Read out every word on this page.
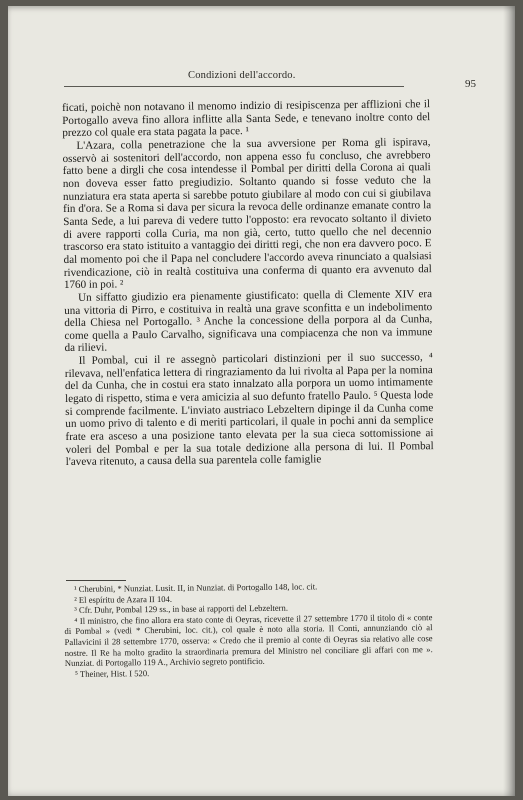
Condizioni dell'accordo.
95

ficati, poichè non notavano il menomo indizio di resipiscenza per afflizioni che il Portogallo aveva fino allora inflitte alla Santa Sede, e tenevano inoltre conto del prezzo col quale era stata pagata la pace. ¹

L'Azara, colla penetrazione che la sua avversione per Roma gli ispirava, osservò ai sostenitori dell'accordo, non appena esso fu concluso, che avrebbero fatto bene a dirgli che cosa intendesse il Pombal per diritti della Corona ai quali non doveva esser fatto pregiudizio. Soltanto quando si fosse veduto che la nunziatura era stata aperta si sarebbe potuto giubilare al modo con cui si giubilava fin d'ora. Se a Roma si dava per sicura la revoca delle ordinanze emanate contro la Santa Sede, a lui pareva di vedere tutto l'opposto: era revocato soltanto il divieto di avere rapporti colla Curia, ma non già, certo, tutto quello che nel decennio trascorso era stato istituito a vantaggio dei diritti regi, che non era davvero poco. E dal momento poi che il Papa nel concludere l'accordo aveva rinunciato a qualsiasi rivendicazione, ciò in realtà costituiva una conferma di quanto era avvenuto dal 1760 in poi. ²

Un siffatto giudizio era pienamente giustificato: quella di Clemente XIV era una vittoria di Pirro, e costituiva in realtà una grave sconfitta e un indebolimento della Chiesa nel Portogallo. ³ Anche la concessione della porpora al da Cunha, come quella a Paulo Carvalho, significava una compiacenza che non va immune da rilievi.

Il Pombal, cui il re assegnò particolari distinzioni per il suo successo, ⁴ rilevava, nell'enfatica lettera di ringraziamento da lui rivolta al Papa per la nomina del da Cunha, che in costui era stato innalzato alla porpora un uomo intimamente legato di rispetto, stima e vera amicizia al suo defunto fratello Paulo. ⁵ Questa lode si comprende facilmente. L'inviato austriaco Lebzeltern dipinge il da Cunha come un uomo privo di talento e di meriti particolari, il quale in pochi anni da semplice frate era asceso a una posizione tanto elevata per la sua cieca sottomissione ai voleri del Pombal e per la sua totale dedizione alla persona di lui. Il Pombal l'aveva ritenuto, a causa della sua parentela colle famiglie

¹ Cherubini, * Nunziat. Lusit. II, in Nunziat. di Portogallo 148, loc. cit.

² El espíritu de Azara II 104.

³ Cfr. Duhr, Pombal 129 ss., in base ai rapporti del Lebzeltern.

⁴ Il ministro, che fino allora era stato conte di Oeyras, ricevette il 27 settembre 1770 il titolo di « conte di Pombal » (vedi * Cherubini, loc. cit.), col quale è noto alla storia. Il Conti, annunziando ciò al Pallavicini il 28 settembre 1770, osserva: « Credo che il premio al conte di Oeyras sia relativo alle cose nostre. Il Re ha molto gradito la straordinaria premura del Ministro nel conciliare gli affari con me ». Nunziat. di Portogallo 119 A., Archivio segreto pontificio.

⁵ Theiner, Hist. I 520.
